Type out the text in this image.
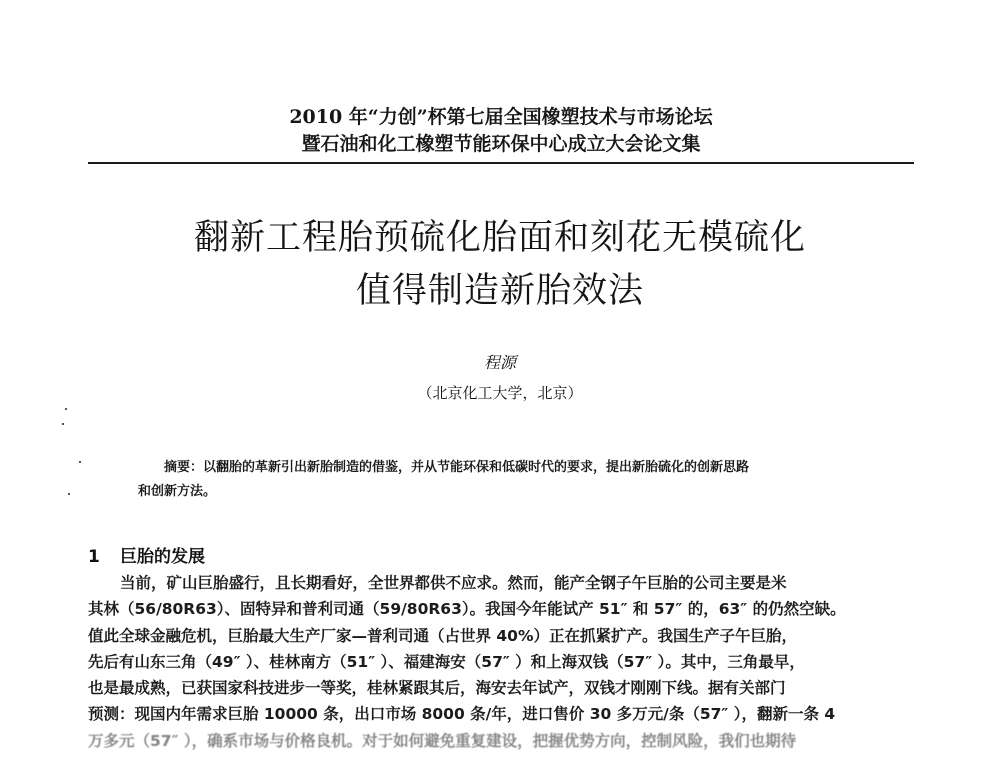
2010 年“力创”杯第七届全国橡塑技术与市场论坛
暨石油和化工橡塑节能环保中心成立大会论文集
翻新工程胎预硫化胎面和刻花无模硫化
值得制造新胎效法
程源
（北京化工大学，北京）
摘要：以翻胎的革新引出新胎制造的借鉴，并从节能环保和低碳时代的要求，提出新胎硫化的创新思路
和创新方法。
1 巨胎的发展
当前，矿山巨胎盛行，且长期看好，全世界都供不应求。然而，能产全钢子午巨胎的公司主要是米
其林（56/80R63）、固特异和普利司通（59/80R63）。我国今年能试产 51″ 和 57″ 的，63″ 的仍然空缺。
值此全球金融危机，巨胎最大生产厂家—普利司通（占世界 40%）正在抓紧扩产。我国生产子午巨胎，
先后有山东三角（49″ ）、桂林南方（51″ ）、福建海安（57″ ）和上海双钱（57″ ）。其中，三角最早，
也是最成熟，已获国家科技进步一等奖，桂林紧跟其后，海安去年试产，双钱才刚刚下线。据有关部门
预测：现国内年需求巨胎 10000 条，出口市场 8000 条/年，进口售价 30 多万元/条（57″ ），翻新一条 4
万多元（57″ ），确系市场与价格良机。对于如何避免重复建设，把握优势方向，控制风险，我们也期待
